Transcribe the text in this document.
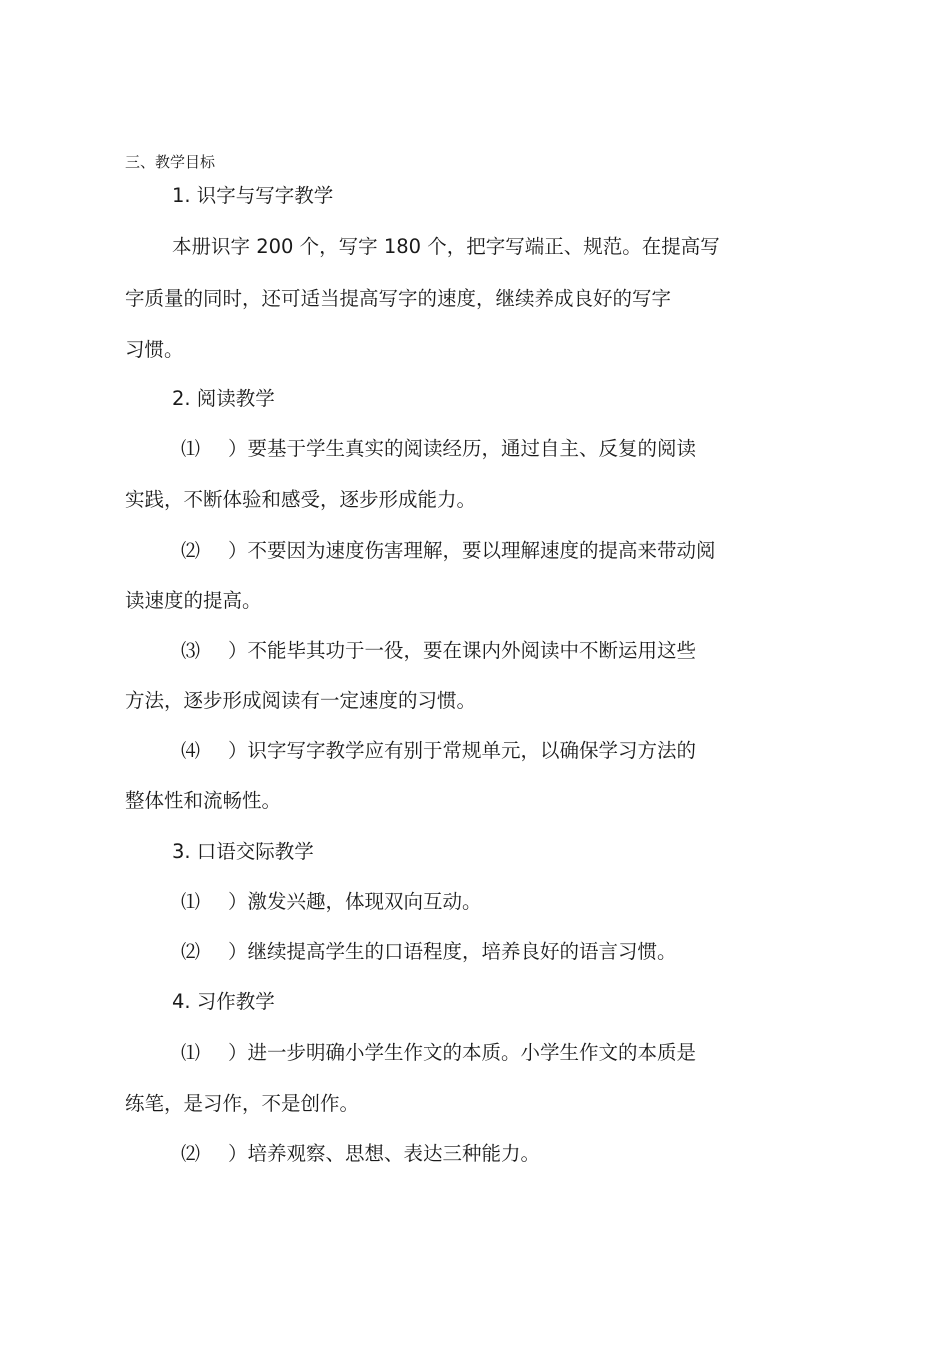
三、教学目标
1. 识字与写字教学
本册识字 200 个，写字 180 个，把字写端正、规范。在提高写
字质量的同时，还可适当提高写字的速度，继续养成良好的写字
习惯。
2. 阅读教学
⑴ ）要基于学生真实的阅读经历，通过自主、反复的阅读
实践，不断体验和感受，逐步形成能力。
⑵ ）不要因为速度伤害理解，要以理解速度的提高来带动阅
读速度的提高。
⑶ ）不能毕其功于一役，要在课内外阅读中不断运用这些
方法，逐步形成阅读有一定速度的习惯。
⑷ ）识字写字教学应有别于常规单元，以确保学习方法的
整体性和流畅性。
3. 口语交际教学
⑴ ）激发兴趣，体现双向互动。
⑵ ）继续提高学生的口语程度，培养良好的语言习惯。
4. 习作教学
⑴ ）进一步明确小学生作文的本质。小学生作文的本质是
练笔，是习作，不是创作。
⑵ ）培养观察、思想、表达三种能力。
